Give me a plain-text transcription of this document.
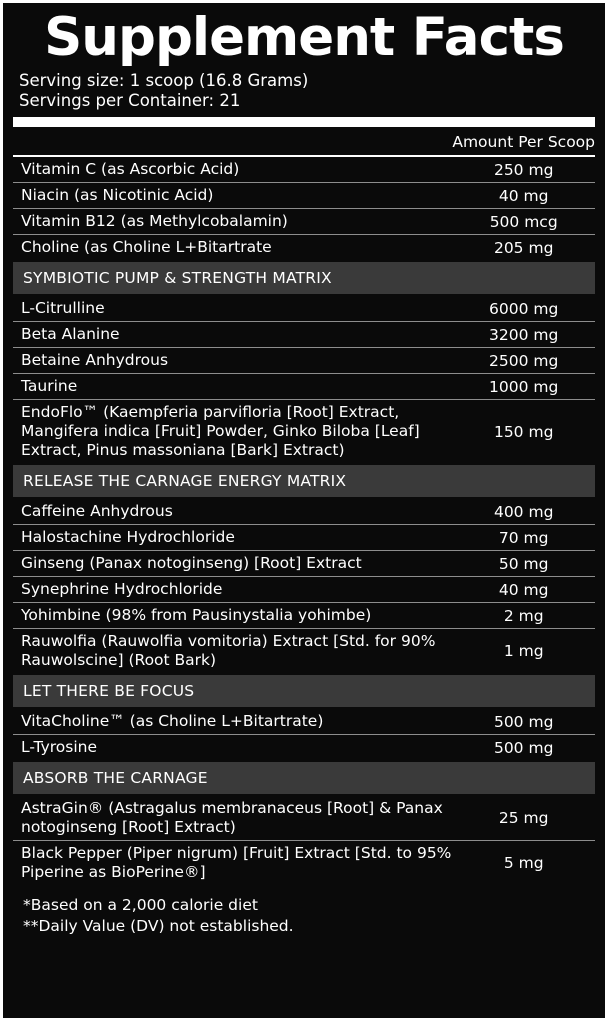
Supplement Facts
Serving size: 1 scoop (16.8 Grams)
Servings per Container: 21
	Amount Per Scoop

Vitamin C (as Ascorbic Acid)	250 mg

Niacin (as Nicotinic Acid)	40 mg

Vitamin B12 (as Methylcobalamin)	500 mcg

Choline (as Choline L+Bitartrate	205 mg

SYMBIOTIC PUMP & STRENGTH MATRIX	

L-Citrulline	6000 mg

Beta Alanine	3200 mg

Betaine Anhydrous	2500 mg

Taurine	1000 mg

EndoFlo™ (Kaempferia parvifloria [Root] Extract, Mangifera indica [Fruit] Powder, Ginko Biloba [Leaf] Extract, Pinus massoniana [Bark] Extract)	150 mg

RELEASE THE CARNAGE ENERGY MATRIX	

Caffeine Anhydrous	400 mg

Halostachine Hydrochloride	70 mg

Ginseng (Panax notoginseng) [Root] Extract	50 mg

Synephrine Hydrochloride	40 mg

Yohimbine (98% from Pausinystalia yohimbe)	2 mg

Rauwolfia (Rauwolfia vomitoria) Extract [Std. for 90% Rauwolscine] (Root Bark)	1 mg

LET THERE BE FOCUS	

VitaCholine™ (as Choline L+Bitartrate)	500 mg

L-Tyrosine	500 mg

ABSORB THE CARNAGE	

AstraGin® (Astragalus membranaceus [Root] & Panax notoginseng [Root] Extract)	25 mg

Black Pepper (Piper nigrum) [Fruit] Extract [Std. to 95% Piperine as BioPerine®]	5 mg
*Based on a 2,000 calorie diet
**Daily Value (DV) not established.
